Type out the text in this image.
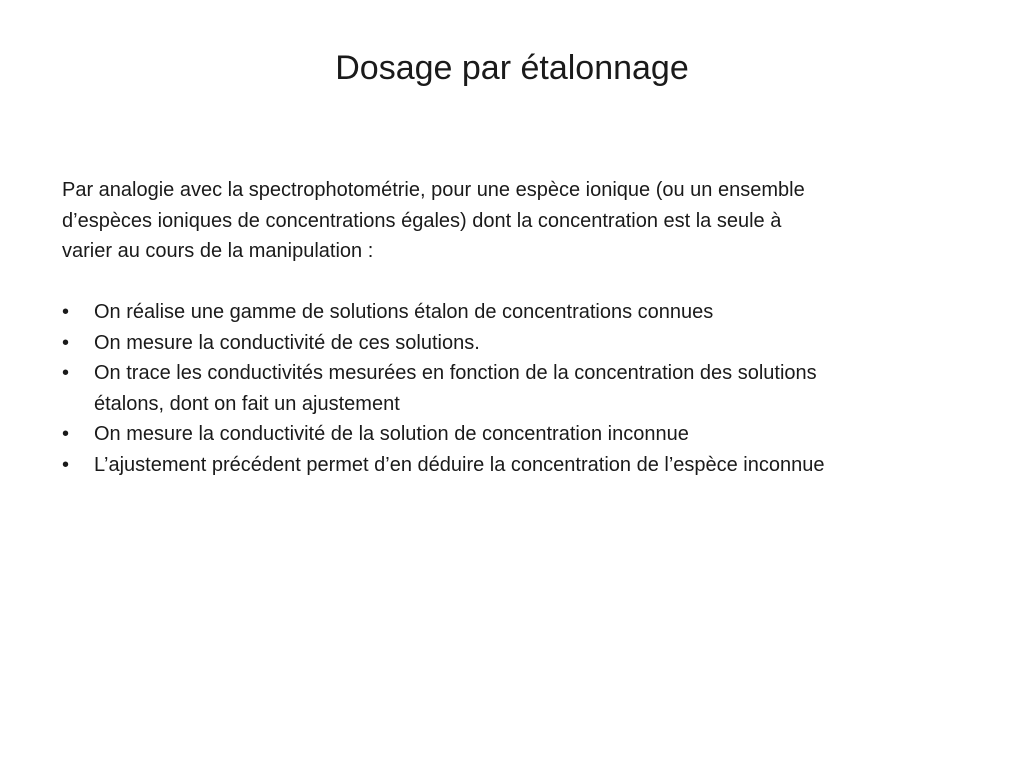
Dosage par étalonnage

Par analogie avec la spectrophotométrie, pour une espèce ionique (ou un ensemble
d’espèces ioniques de concentrations égales) dont la concentration est la seule à
varier au cours de la manipulation :

•	On réalise une gamme de solutions étalon de concentrations connues
•	On mesure la conductivité de ces solutions.
•	On trace les conductivités mesurées en fonction de la concentration des solutions
étalons, dont on fait un ajustement
•	On mesure la conductivité de la solution de concentration inconnue
•	L’ajustement précédent permet d’en déduire la concentration de l’espèce inconnue
